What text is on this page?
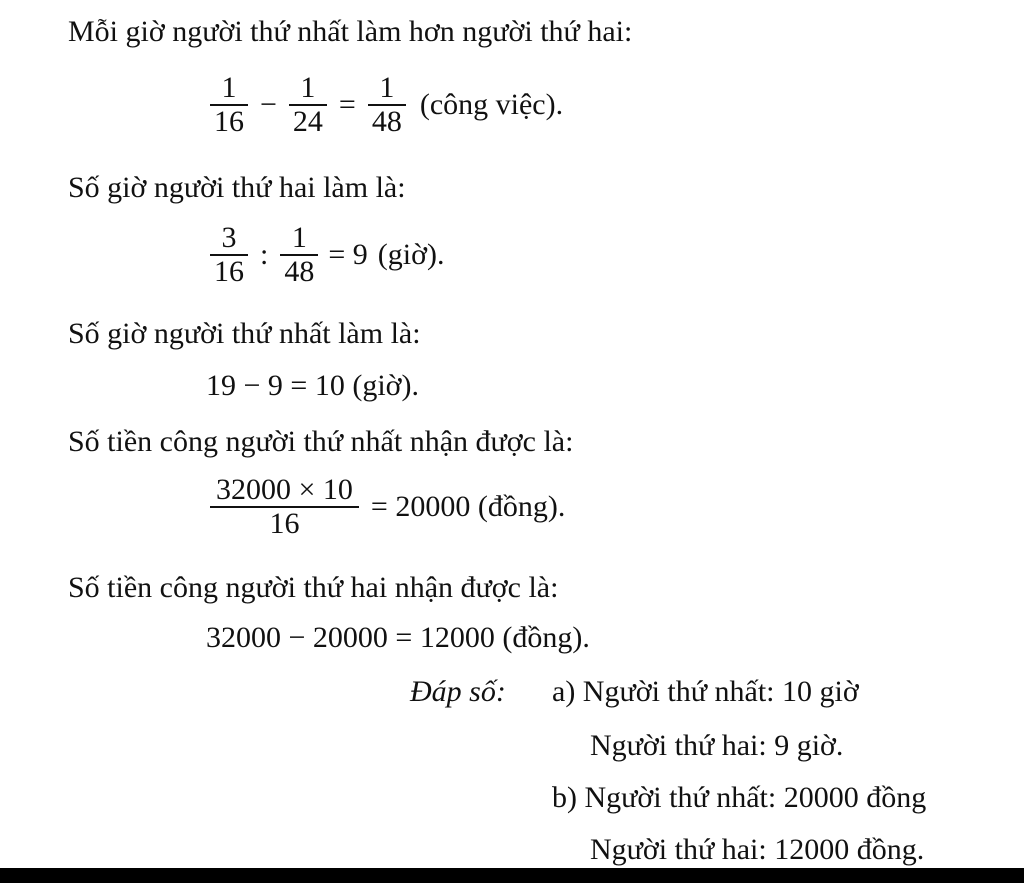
Mỗi giờ người thứ nhất làm hơn người thứ hai:
$\frac{1}{16} - \frac{1}{24} = \frac{1}{48}$ (công việc).
Số giờ người thứ hai làm là:
$\frac{3}{16}$ : $\frac{1}{48} = 9$ (giờ).
Số giờ người thứ nhất làm là:
19 − 9 = 10 (giờ).
Số tiền công người thứ nhất nhận được là:
$\frac{32000 \times 10}{16} = 20000$ (đồng).
Số tiền công người thứ hai nhận được là:
32000 − 20000 = 12000 (đồng).
Đáp số: a) Người thứ nhất: 10 giờ
Người thứ hai: 9 giờ.
b) Người thứ nhất: 20000 đồng
Người thứ hai: 12000 đồng.
